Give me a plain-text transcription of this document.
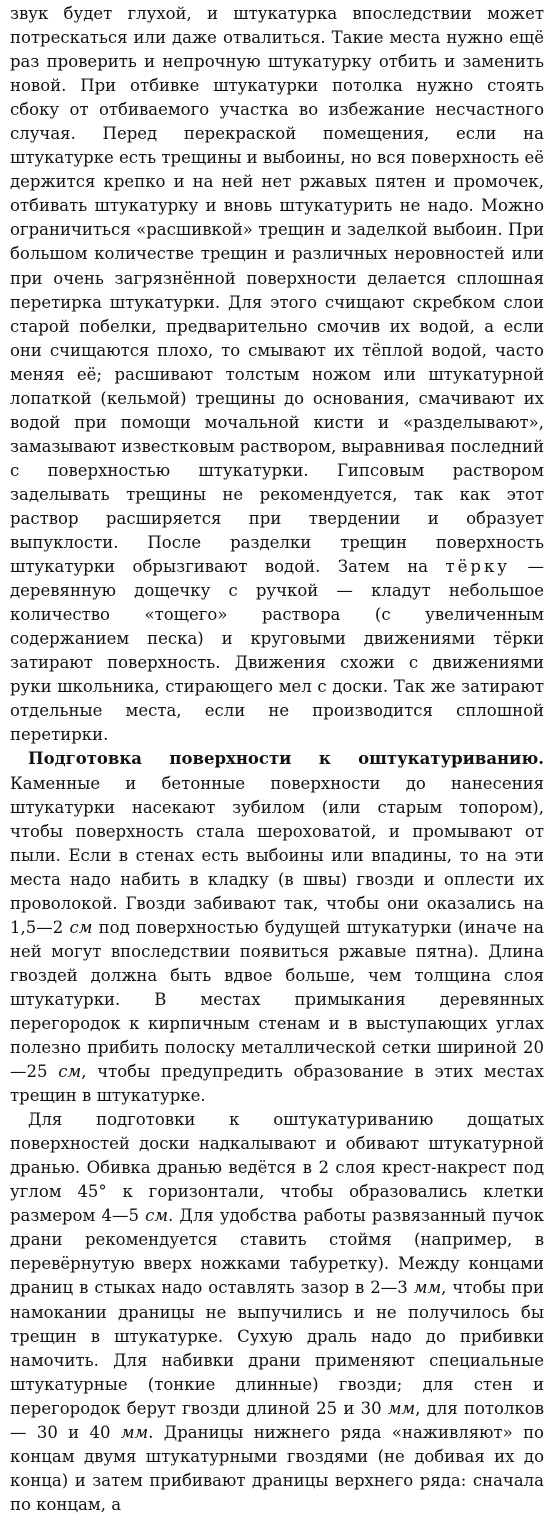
звук будет глухой, и штукатурка впоследствии может потрескаться или даже отвалиться. Такие места нужно ещё раз проверить и непрочную штукатурку отбить и заменить новой. При отбивке штукатурки потолка нужно стоять сбоку от отбиваемого участка во избежание несчастного случая. Перед перекраской помещения, если на штукатурке есть трещины и выбоины, но вся поверхность её держится крепко и на ней нет ржавых пятен и промочек, отбивать штукатурку и вновь штукатурить не надо. Можно ограничиться «расшивкой» трещин и заделкой выбоин. При большом количестве трещин и различных неровностей или при очень загрязнённой поверхности делается сплошная перетирка штукатурки. Для этого счищают скребком слои старой побелки, предварительно смочив их водой, а если они счищаются плохо, то смывают их тёплой водой, часто меняя её; расшивают толстым ножом или штукатурной лопаткой (кельмой) трещины до основания, смачивают их водой при помощи мочальной кисти и «разделывают», замазывают известковым раствором, выравнивая последний с поверхностью штукатурки. Гипсовым раствором заделывать трещины не рекомендуется, так как этот раствор расширяется при твердении и образует выпуклости. После разделки трещин поверхность штукатурки обрызгивают водой. Затем на тёрку — деревянную дощечку с ручкой — кладут небольшое количество «тощего» раствора (с увеличенным содержанием песка) и круговыми движениями тёрки затирают поверхность. Движения схожи с движениями руки школьника, стирающего мел с доски. Так же затирают отдельные места, если не производится сплошной перетирки.

Подготовка поверхности к оштукатуриванию. Каменные и бетонные поверхности до нанесения штукатурки насекают зубилом (или старым топором), чтобы поверхность стала шероховатой, и промывают от пыли. Если в стенах есть выбоины или впадины, то на эти места надо набить в кладку (в швы) гвозди и оплести их проволокой. Гвозди забивают так, чтобы они оказались на 1,5—2 см под поверхностью будущей штукатурки (иначе на ней могут впоследствии появиться ржавые пятна). Длина гвоздей должна быть вдвое больше, чем толщина слоя штукатурки. В местах примыкания деревянных перегородок к кирпичным стенам и в выступающих углах полезно прибить полоску металлической сетки шириной 20—25 см, чтобы предупредить образование в этих местах трещин в штукатурке.

Для подготовки к оштукатуриванию дощатых поверхностей доски надкалывают и обивают штукатурной дранью. Обивка дранью ведётся в 2 слоя крест-накрест под углом 45° к горизонтали, чтобы образовались клетки размером 4—5 см. Для удобства работы развязанный пучок драни рекомендуется ставить стоймя (например, в перевёрнутую вверх ножками табуретку). Между концами драниц в стыках надо оставлять зазор в 2—3 мм, чтобы при намокании драницы не выпучились и не получилось бы трещин в штукатурке. Сухую драль надо до прибивки намочить. Для набивки драни применяют специальные штукатурные (тонкие длинные) гвозди; для стен и перегородок берут гвозди длиной 25 и 30 мм, для потолков — 30 и 40 мм. Драницы нижнего ряда «наживляют» по концам двумя штукатурными гвоздями (не добивая их до конца) и затем прибивают драницы верхнего ряда: сначала по концам, а
